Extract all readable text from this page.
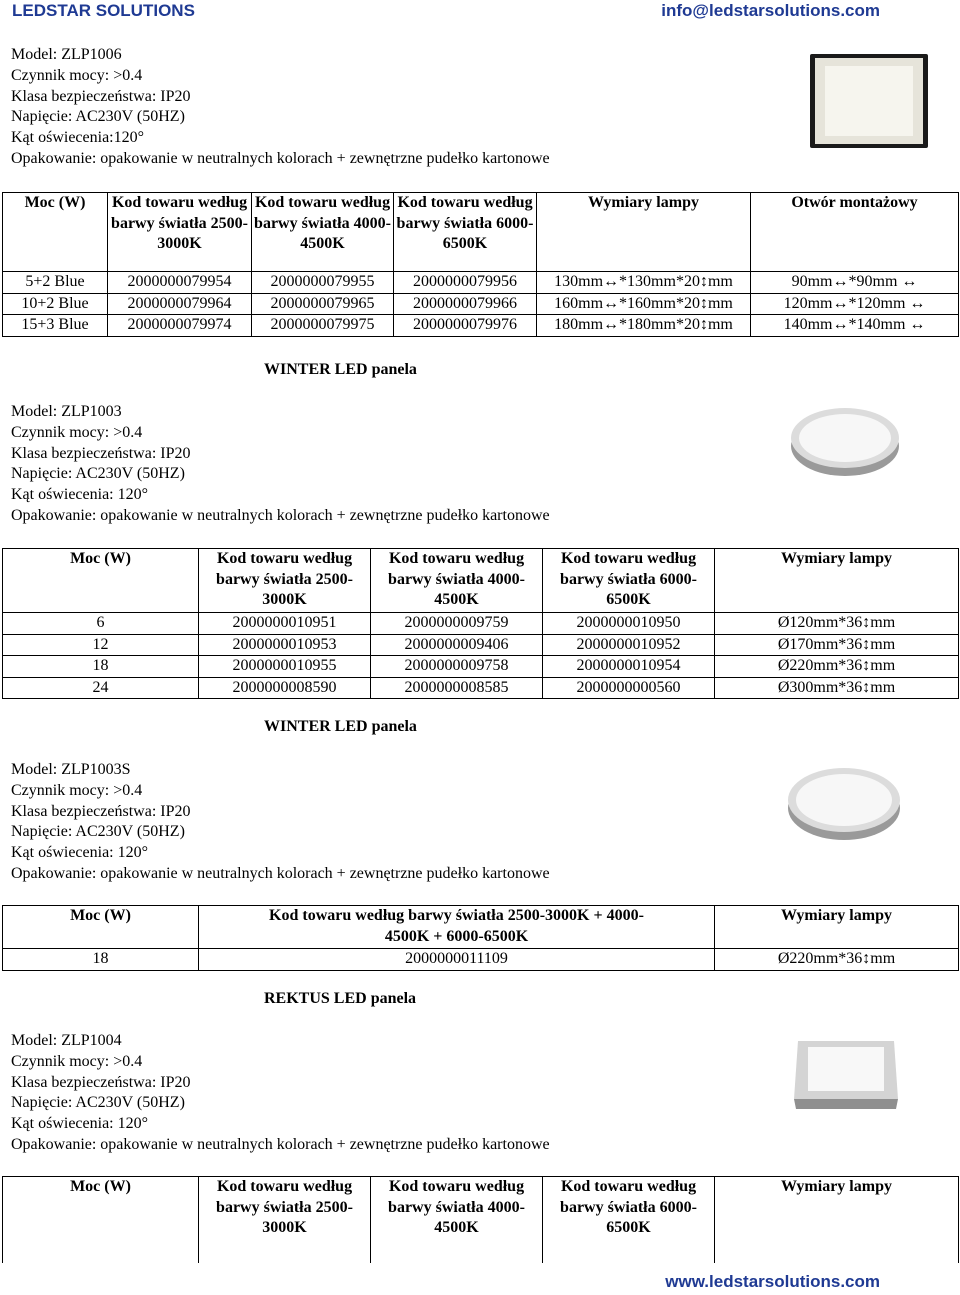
LEDSTAR SOLUTIONS	info@ledstarsolutions.com
Model: ZLP1006
Czynnik mocy: >0.4
Klasa bezpieczeństwa: IP20
Napięcie: AC230V (50HZ)
Kąt oświecenia:120°
Opakowanie: opakowanie w neutralnych kolorach + zewnętrzne pudełko kartonowe
Moc (W)	Kod towaru według barwy światła 2500-3000K	Kod towaru według barwy światła 4000-4500K	Kod towaru według barwy światła 6000-6500K	Wymiary lampy	Otwór montażowy
5+2 Blue	2000000079954	2000000079955	2000000079956	130mm↔*130mm*20↕mm	90mm↔*90mm ↔
10+2 Blue	2000000079964	2000000079965	2000000079966	160mm↔*160mm*20↕mm	120mm↔*120mm ↔
15+3 Blue	2000000079974	2000000079975	2000000079976	180mm↔*180mm*20↕mm	140mm↔*140mm ↔
WINTER LED panela
Model: ZLP1003
Czynnik mocy: >0.4
Klasa bezpieczeństwa: IP20
Napięcie: AC230V (50HZ)
Kąt oświecenia: 120°
Opakowanie: opakowanie w neutralnych kolorach + zewnętrzne pudełko kartonowe
Moc (W)	Kod towaru według barwy światła 2500-3000K	Kod towaru według barwy światła 4000-4500K	Kod towaru według barwy światła 6000-6500K	Wymiary lampy
6	2000000010951	2000000009759	2000000010950	Ø120mm*36↕mm
12	2000000010953	2000000009406	2000000010952	Ø170mm*36↕mm
18	2000000010955	2000000009758	2000000010954	Ø220mm*36↕mm
24	2000000008590	2000000008585	2000000000560	Ø300mm*36↕mm
WINTER LED panela
Model: ZLP1003S
Czynnik mocy: >0.4
Klasa bezpieczeństwa: IP20
Napięcie: AC230V (50HZ)
Kąt oświecenia: 120°
Opakowanie: opakowanie w neutralnych kolorach + zewnętrzne pudełko kartonowe
Moc (W)	Kod towaru według barwy światła 2500-3000K + 4000-4500K + 6000-6500K	Wymiary lampy
18	2000000011109	Ø220mm*36↕mm
REKTUS LED panela
Model: ZLP1004
Czynnik mocy: >0.4
Klasa bezpieczeństwa: IP20
Napięcie: AC230V (50HZ)
Kąt oświecenia: 120°
Opakowanie: opakowanie w neutralnych kolorach + zewnętrzne pudełko kartonowe
Moc (W)	Kod towaru według barwy światła 2500-3000K	Kod towaru według barwy światła 4000-4500K	Kod towaru według barwy światła 6000-6500K	Wymiary lampy
www.ledstarsolutions.com
